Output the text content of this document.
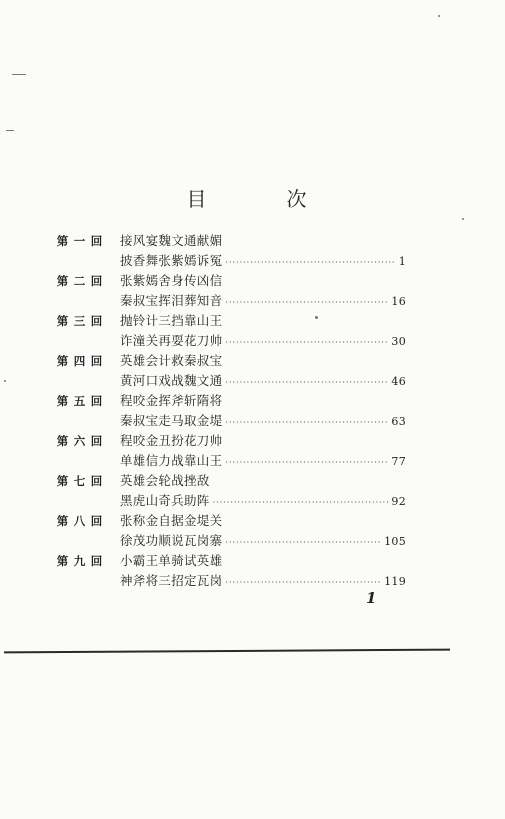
目　次
第 一 回	接风宴魏文通献媚
披香舞张紫嫣诉冤 ·····	1
第 二 回	张紫嫣舍身传凶信
秦叔宝挥泪葬知音 ·····	16
第 三 回	抛铃计三挡靠山王
诈潼关再耍花刀帅 ·····	30
第 四 回	英雄会计救秦叔宝
黄河口戏战魏文通 ·····	46
第 五 回	程咬金挥斧斩隋将
秦叔宝走马取金堤 ·····	63
第 六 回	程咬金丑扮花刀帅
单雄信力战靠山王 ·····	77
第 七 回	英雄会轮战挫敌
黑虎山奇兵助阵 ·····	92
第 八 回	张称金自据金堤关
徐茂功顺说瓦岗寨 ·····	105
第 九 回	小霸王单骑试英雄
神斧将三招定瓦岗 ·····	119
1
